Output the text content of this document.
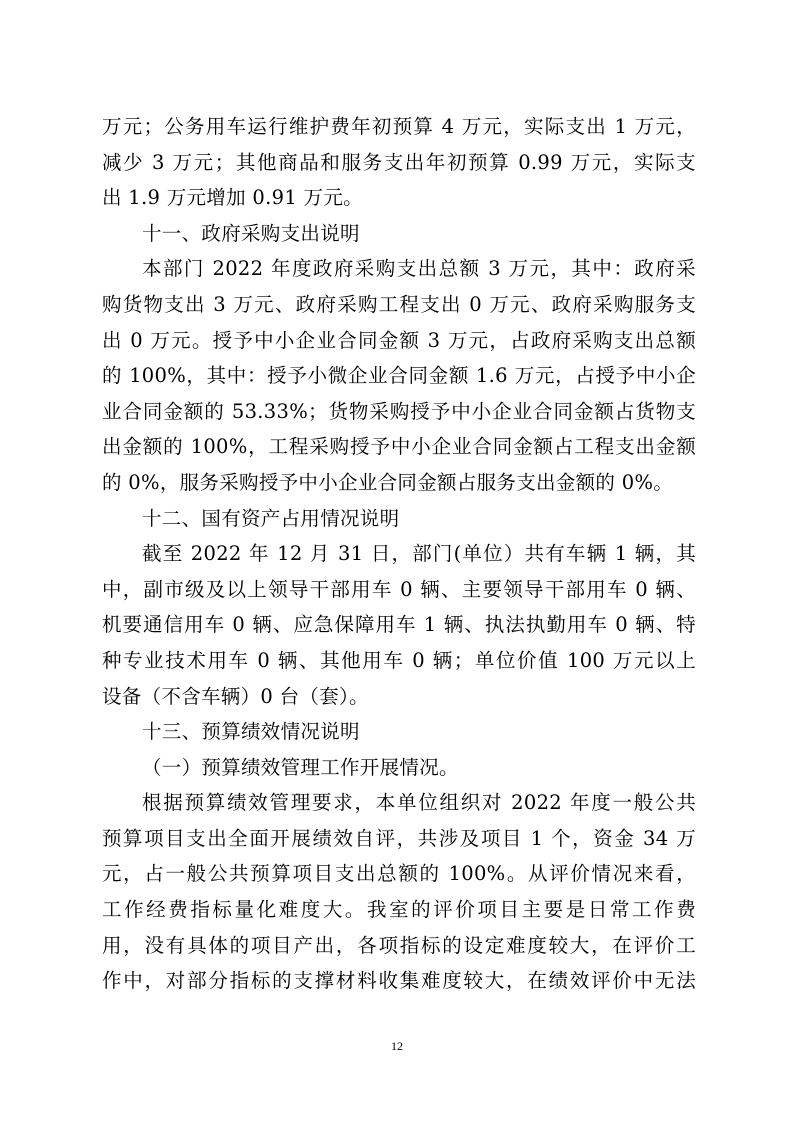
万元；公务用车运行维护费年初预算 4 万元，实际支出 1 万元，
减少 3 万元；其他商品和服务支出年初预算 0.99 万元，实际支
出 1.9 万元增加 0.91 万元。
十一、政府采购支出说明
本部门 2022 年度政府采购支出总额 3 万元，其中：政府采
购货物支出 3 万元、政府采购工程支出 0 万元、政府采购服务支
出 0 万元。授予中小企业合同金额 3 万元，占政府采购支出总额
的 100%，其中：授予小微企业合同金额 1.6 万元，占授予中小企
业合同金额的 53.33%；货物采购授予中小企业合同金额占货物支
出金额的 100%，工程采购授予中小企业合同金额占工程支出金额
的 0%，服务采购授予中小企业合同金额占服务支出金额的 0%。
十二、国有资产占用情况说明
截至 2022 年 12 月 31 日，部门(单位）共有车辆 1 辆，其
中，副市级及以上领导干部用车 0 辆、主要领导干部用车 0 辆、
机要通信用车 0 辆、应急保障用车 1 辆、执法执勤用车 0 辆、特
种专业技术用车 0 辆、其他用车 0 辆；单位价值 100 万元以上
设备（不含车辆）0 台（套）。
十三、预算绩效情况说明
（一）预算绩效管理工作开展情况。
根据预算绩效管理要求，本单位组织对 2022 年度一般公共
预算项目支出全面开展绩效自评，共涉及项目 1 个，资金 34 万
元，占一般公共预算项目支出总额的 100%。从评价情况来看，
工作经费指标量化难度大。我室的评价项目主要是日常工作费
用，没有具体的项目产出，各项指标的设定难度较大，在评价工
作中，对部分指标的支撑材料收集难度较大，在绩效评价中无法
12
